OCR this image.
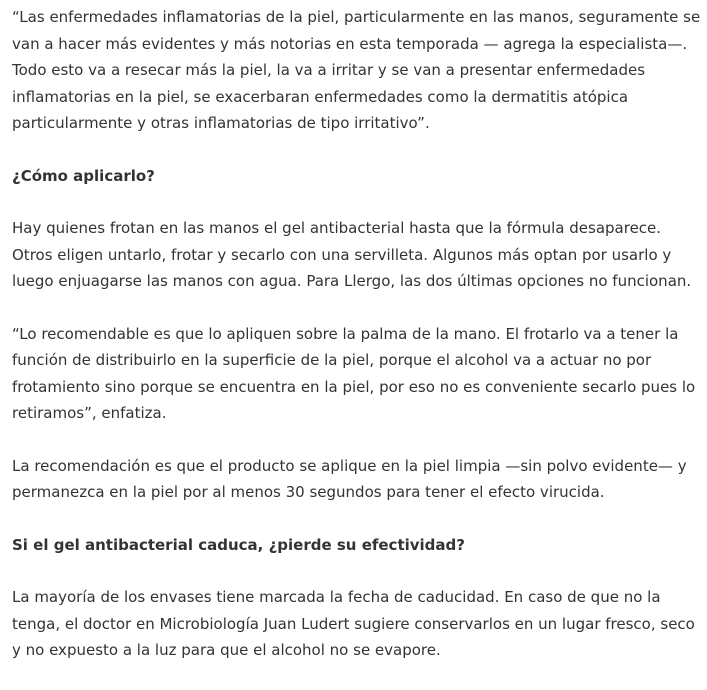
“Las enfermedades inflamatorias de la piel, particularmente en las manos, seguramente se van a hacer más evidentes y más notorias en esta temporada — agrega la especialista—. Todo esto va a resecar más la piel, la va a irritar y se van a presentar enfermedades inflamatorias en la piel, se exacerbaran enfermedades como la dermatitis atópica particularmente y otras inflamatorias de tipo irritativo”.

¿Cómo aplicarlo?

Hay quienes frotan en las manos el gel antibacterial hasta que la fórmula desaparece. Otros eligen untarlo, frotar y secarlo con una servilleta. Algunos más optan por usarlo y luego enjuagarse las manos con agua. Para Llergo, las dos últimas opciones no funcionan.

“Lo recomendable es que lo apliquen sobre la palma de la mano. El frotarlo va a tener la función de distribuirlo en la superficie de la piel, porque el alcohol va a actuar no por frotamiento sino porque se encuentra en la piel, por eso no es conveniente secarlo pues lo retiramos”, enfatiza.

La recomendación es que el producto se aplique en la piel limpia —sin polvo evidente— y permanezca en la piel por al menos 30 segundos para tener el efecto virucida.

Si el gel antibacterial caduca, ¿pierde su efectividad?

La mayoría de los envases tiene marcada la fecha de caducidad. En caso de que no la tenga, el doctor en Microbiología Juan Ludert sugiere conservarlos en un lugar fresco, seco y no expuesto a la luz para que el alcohol no se evapore.
